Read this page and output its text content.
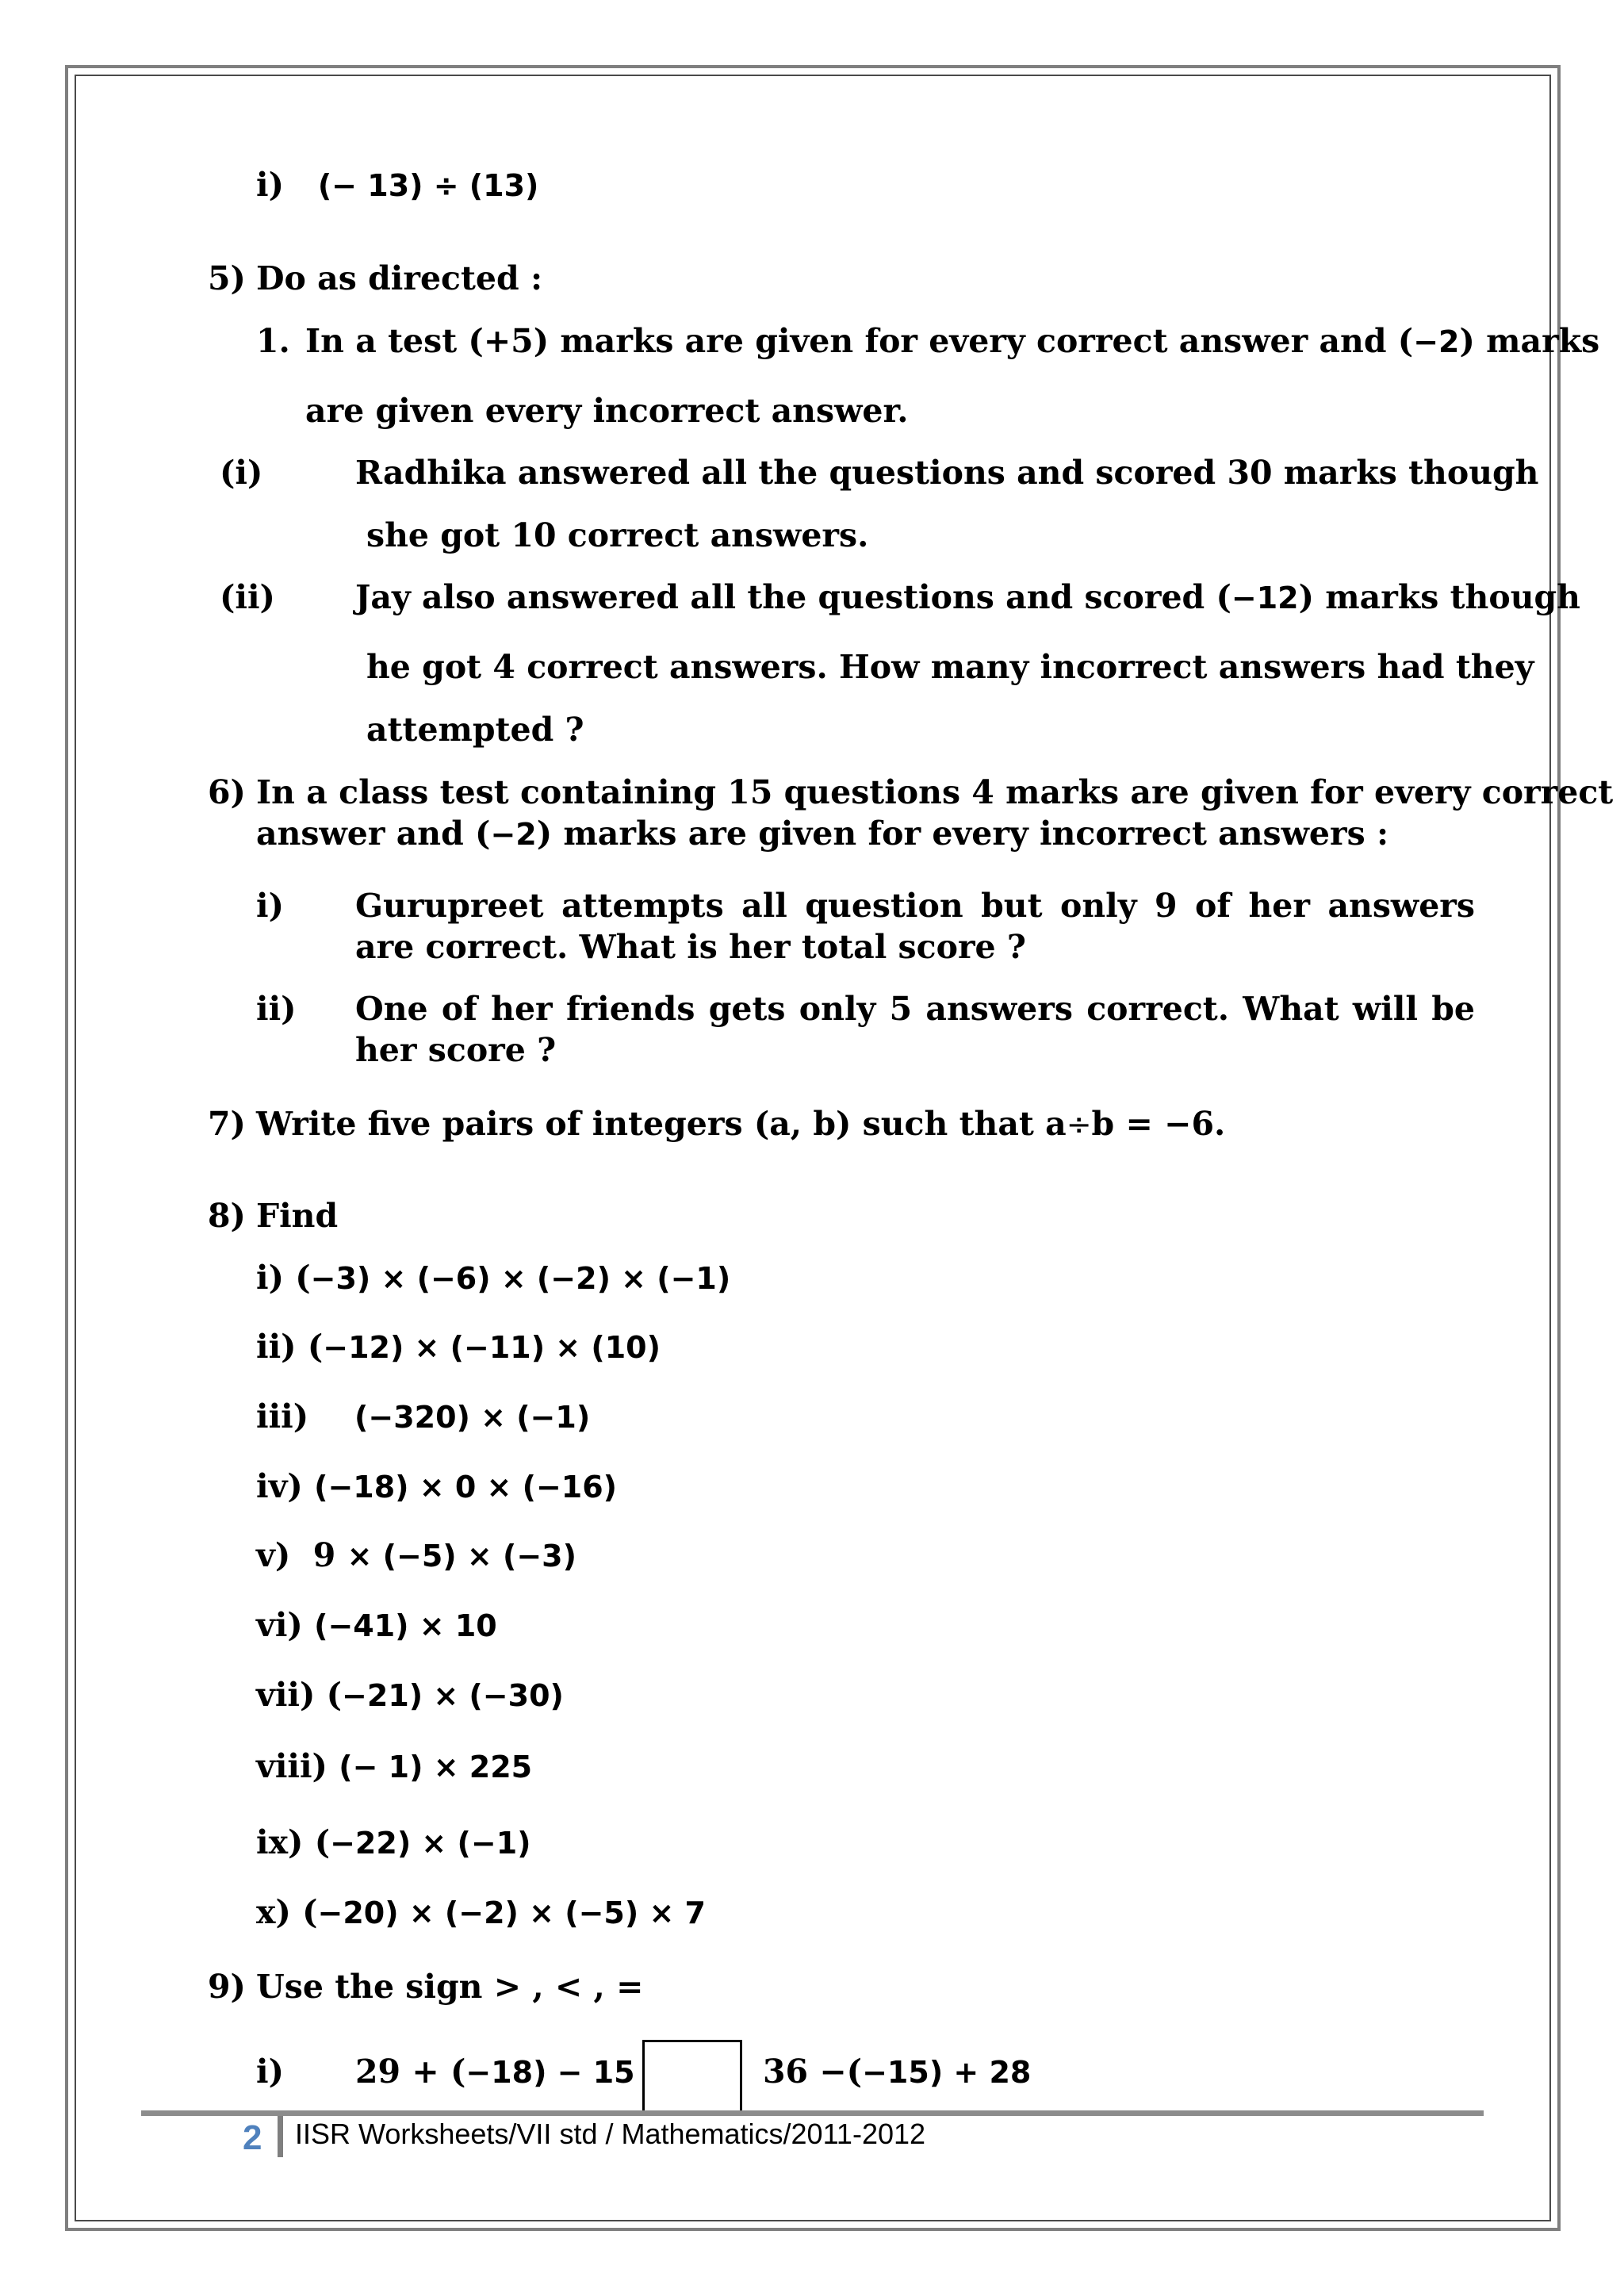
i) (− 13) ÷ (13)
5) Do as directed :
1. In a test (+5) marks are given for every correct answer and (−2) marks
are given every incorrect answer.
(i)	Radhika answered all the questions and scored 30 marks though
she got 10 correct answers.
(ii) Jay also answered all the questions and scored (−12) marks though
he got 4 correct answers. How many incorrect answers had they
attempted ?
6) In a class test containing 15 questions 4 marks are given for every correct
answer and (−2) marks are given for every incorrect answers :
i) Gurupreet attempts all question but only 9 of her answers are correct. What is her total score ?
ii) One of her friends gets only 5 answers correct. What will be her score ?
7) Write five pairs of integers (a, b) such that a÷b = −6.
8) Find
i) (−3) × (−6) × (−2) × (−1)
ii) (−12) × (−11) × (10)
iii) (−320) × (−1)
iv) (−18) × 0 × (−16)
v)  9 × (−5) × (−3)
vi) (−41) × 10
vii) (−21) × (−30)
viii) (− 1) × 225
ix) (−22) × (−1)
x) (−20) × (−2) × (−5) × 7
9) Use the sign > , < , =
i) 29 + (−18) − 15	36 −(−15) + 28
2 IISR Worksheets/VII std / Mathematics/2011-2012
